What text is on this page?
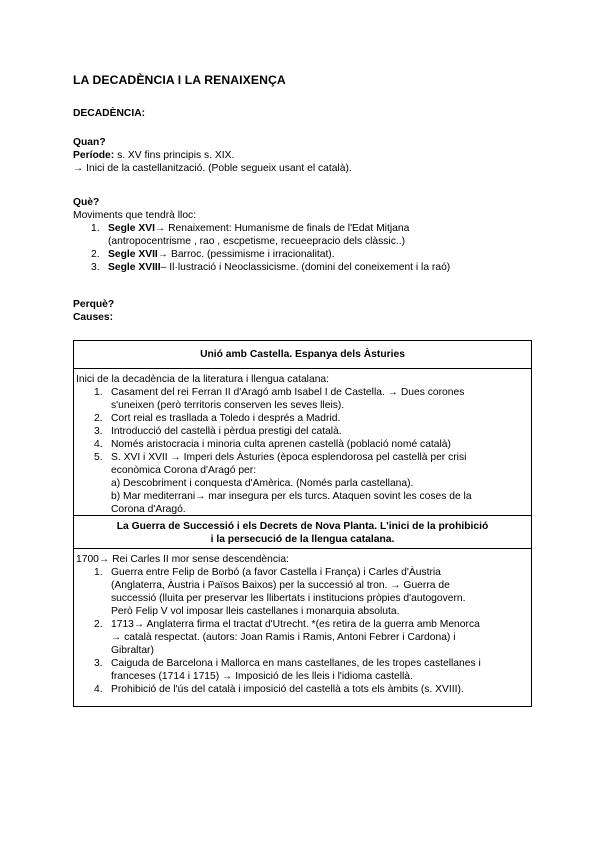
LA DECADÈNCIA I LA RENAIXENÇA
DECADÈNCIA:
Quan?
Període: s. XV fins principis s. XIX.
→ Inici de la castellanització. (Poble segueix usant el català).
Què?
Moviments que tendrà lloc:
1. Segle XVI→ Renaixement: Humanisme de finals de l'Edat Mitjana
(antropocentrisme , rao , escpetisme, recueepracio dels clàssic..)
2. Segle XVII→ Barroc. (pessimisme i irracionalitat).
3. Segle XVIII– Il·lustració i Neoclassicisme. (domini del coneixement i la raó)
Perquè?
Causes:
Unió amb Castella. Espanya dels Àsturies
Inici de la decadència de la literatura i llengua catalana:
1. Casament del rei Ferran II d'Aragó amb Isabel I de Castella. → Dues corones
s'uneixen (però territoris conserven les seves lleis).
2. Cort reial es trasllada a Toledo i després a Madrid.
3. Introducció del castellà i pèrdua prestigi del català.
4. Només aristocracia i minoria culta aprenen castellà (població nomé català)
5. S. XVI i XVII → Imperi dels Àsturies (època esplendorosa pel castellà per crisi
econòmica Corona d'Aragó per:
a) Descobriment i conquesta d'Amèrica. (Només parla castellana).
b) Mar mediterrani→ mar insegura per els turcs. Ataquen sovint les coses de la
Corona d'Aragó.
La Guerra de Successió i els Decrets de Nova Planta. L'inici de la prohibició
i la persecució de la llengua catalana.
1700→ Rei Carles II mor sense descendència:
1. Guerra entre Felip de Borbó (a favor Castella i França) i Carles d'Àustria
(Anglaterra, Àustria i Països Baixos) per la successió al tron. → Guerra de
successió (lluita per preservar les llibertats i institucions pròpies d'autogovern.
Però Felip V vol imposar lleis castellanes i monarquia absoluta.
2. 1713→ Anglaterra firma el tractat d'Utrecht. *(es retira de la guerra amb Menorca
→ català respectat. (autors: Joan Ramis i Ramis, Antoni Febrer i Cardona) i
Gibraltar)
3. Caiguda de Barcelona i Mallorca en mans castellanes, de les tropes castellanes i
franceses (1714 i 1715) → Imposició de les lleis i l'idioma castellà.
4. Prohibició de l'ús del català i imposició del castellà a tots els àmbits (s. XVIII).
